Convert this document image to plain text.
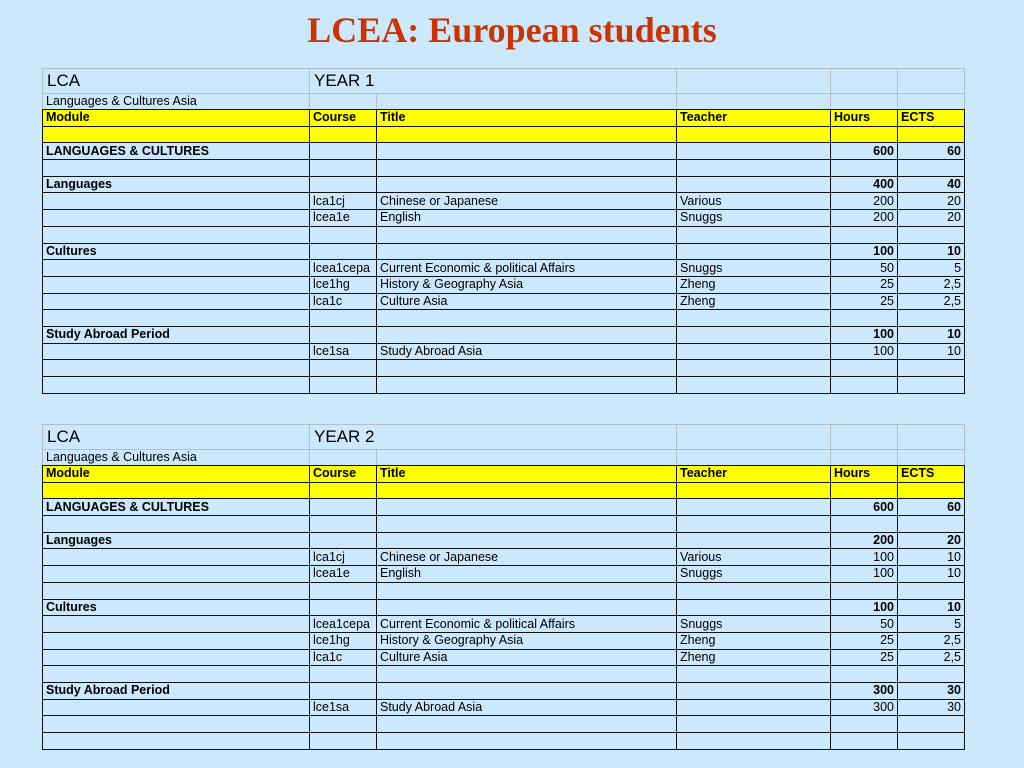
LCEA: European students
LCA	YEAR 1				
Languages & Cultures Asia					
Module	Course	Title	Teacher	Hours	ECTS

LANGUAGES & CULTURES				600	60

Languages				400	40
	lca1cj	Chinese or Japanese	Various	200	20
	lcea1e	English	Snuggs	200	20

Cultures				100	10
	lcea1cepa	Current Economic & political Affairs	Snuggs	50	5
	lce1hg	History & Geography Asia	Zheng	25	2,5
	lca1c	Culture Asia	Zheng	25	2,5

Study Abroad Period				100	10
	lce1sa	Study Abroad Asia		100	10

LCA	YEAR 2				
Languages & Cultures Asia					
Module	Course	Title	Teacher	Hours	ECTS

LANGUAGES & CULTURES				600	60

Languages				200	20
	lca1cj	Chinese or Japanese	Various	100	10
	lcea1e	English	Snuggs	100	10

Cultures				100	10
	lcea1cepa	Current Economic & political Affairs	Snuggs	50	5
	lce1hg	History & Geography Asia	Zheng	25	2,5
	lca1c	Culture Asia	Zheng	25	2,5

Study Abroad Period				300	30
	lce1sa	Study Abroad Asia		300	30
